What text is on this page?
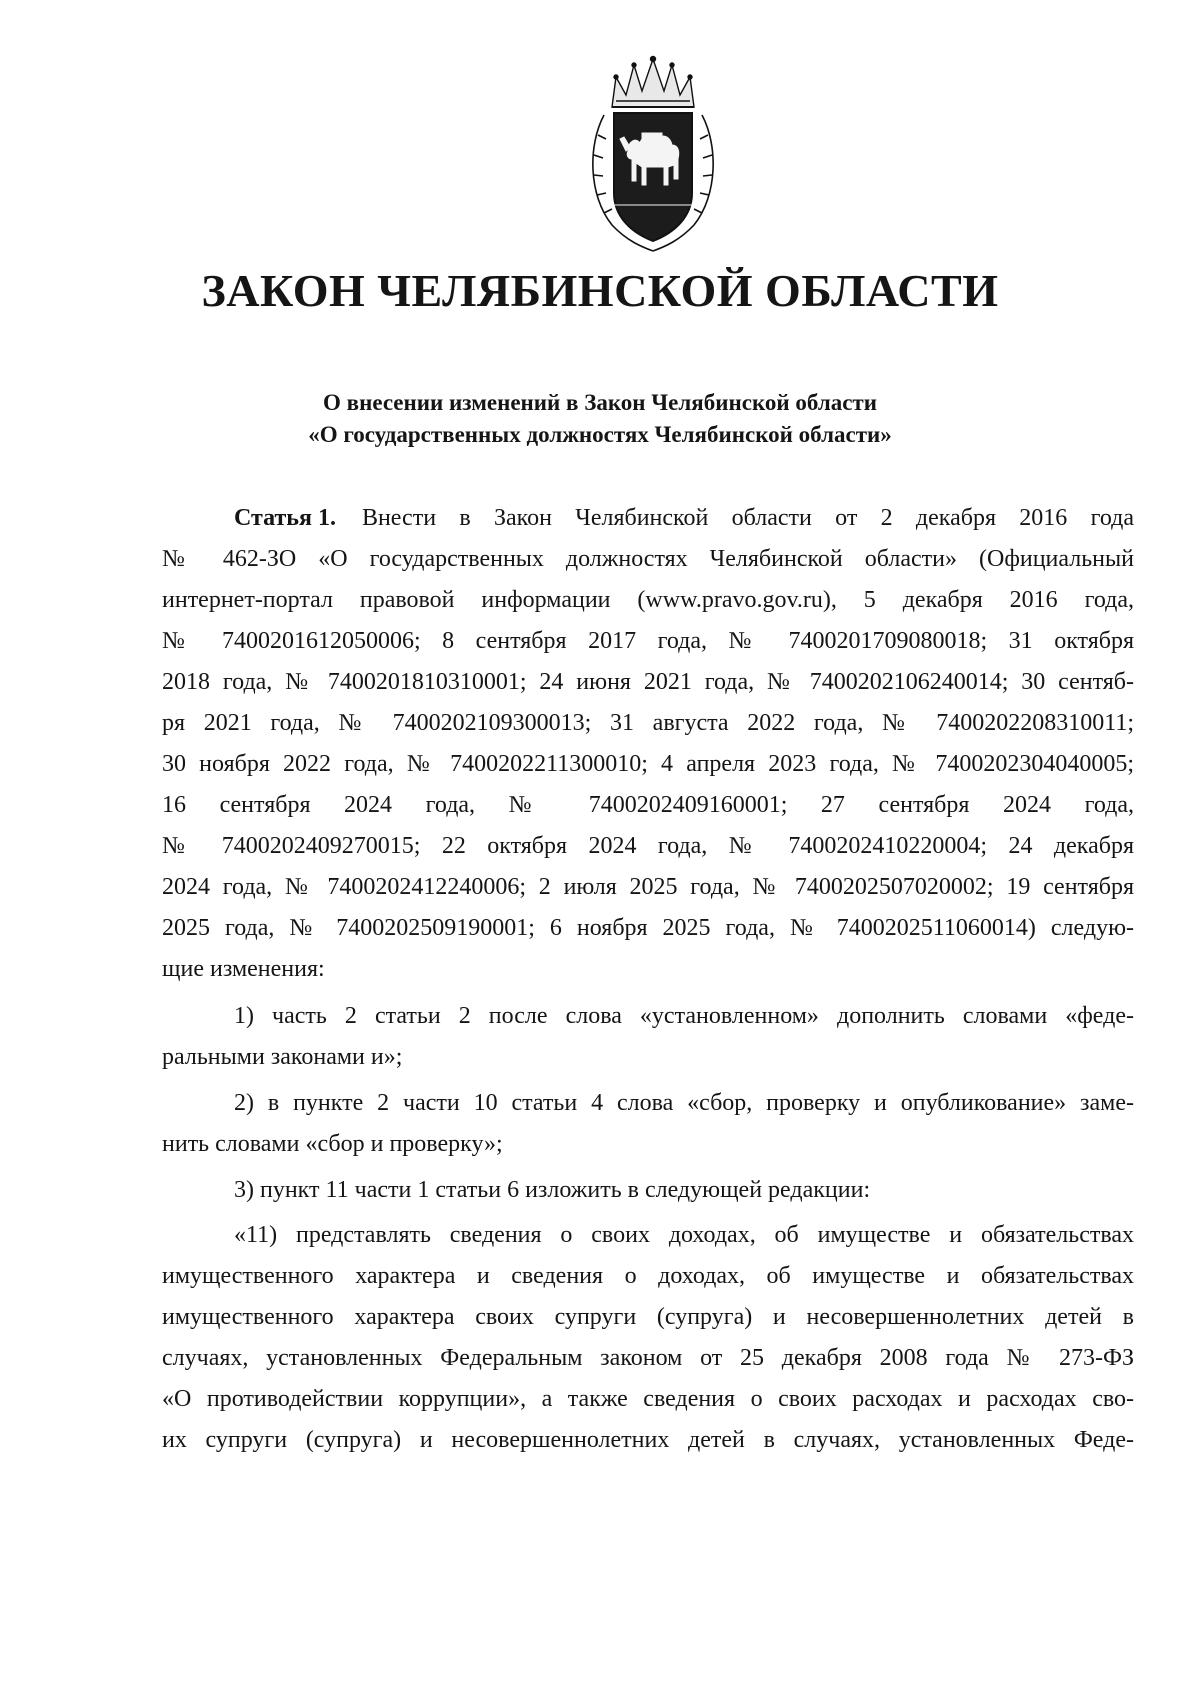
ЗАКОН ЧЕЛЯБИНСКОЙ ОБЛАСТИ
О внесении изменений в Закон Челябинской области
«О государственных должностях Челябинской области»
Статья 1. Внести в Закон Челябинской области от 2 декабря 2016 года
№ 462-ЗО «О государственных должностях Челябинской области» (Официальный
интернет-портал правовой информации (www.pravo.gov.ru), 5 декабря 2016 года,
№ 7400201612050006; 8 сентября 2017 года, № 7400201709080018; 31 октября
2018 года, № 7400201810310001; 24 июня 2021 года, № 7400202106240014; 30 сентяб-
ря 2021 года, № 7400202109300013; 31 августа 2022 года, № 7400202208310011;
30 ноября 2022 года, № 7400202211300010; 4 апреля 2023 года, № 7400202304040005;
16 сентября 2024 года, № 7400202409160001; 27 сентября 2024 года,
№ 7400202409270015; 22 октября 2024 года, № 7400202410220004; 24 декабря
2024 года, № 7400202412240006; 2 июля 2025 года, № 7400202507020002; 19 сентября
2025 года, № 7400202509190001; 6 ноября 2025 года, № 7400202511060014) следую-
щие изменения:
1) часть 2 статьи 2 после слова «установленном» дополнить словами «феде-
ральными законами и»;
2) в пункте 2 части 10 статьи 4 слова «сбор, проверку и опубликование» заме-
нить словами «сбор и проверку»;
3) пункт 11 части 1 статьи 6 изложить в следующей редакции:
«11) представлять сведения о своих доходах, об имуществе и обязательствах
имущественного характера и сведения о доходах, об имуществе и обязательствах
имущественного характера своих супруги (супруга) и несовершеннолетних детей в
случаях, установленных Федеральным законом от 25 декабря 2008 года № 273-ФЗ
«О противодействии коррупции», а также сведения о своих расходах и расходах сво-
их супруги (супруга) и несовершеннолетних детей в случаях, установленных Феде-
